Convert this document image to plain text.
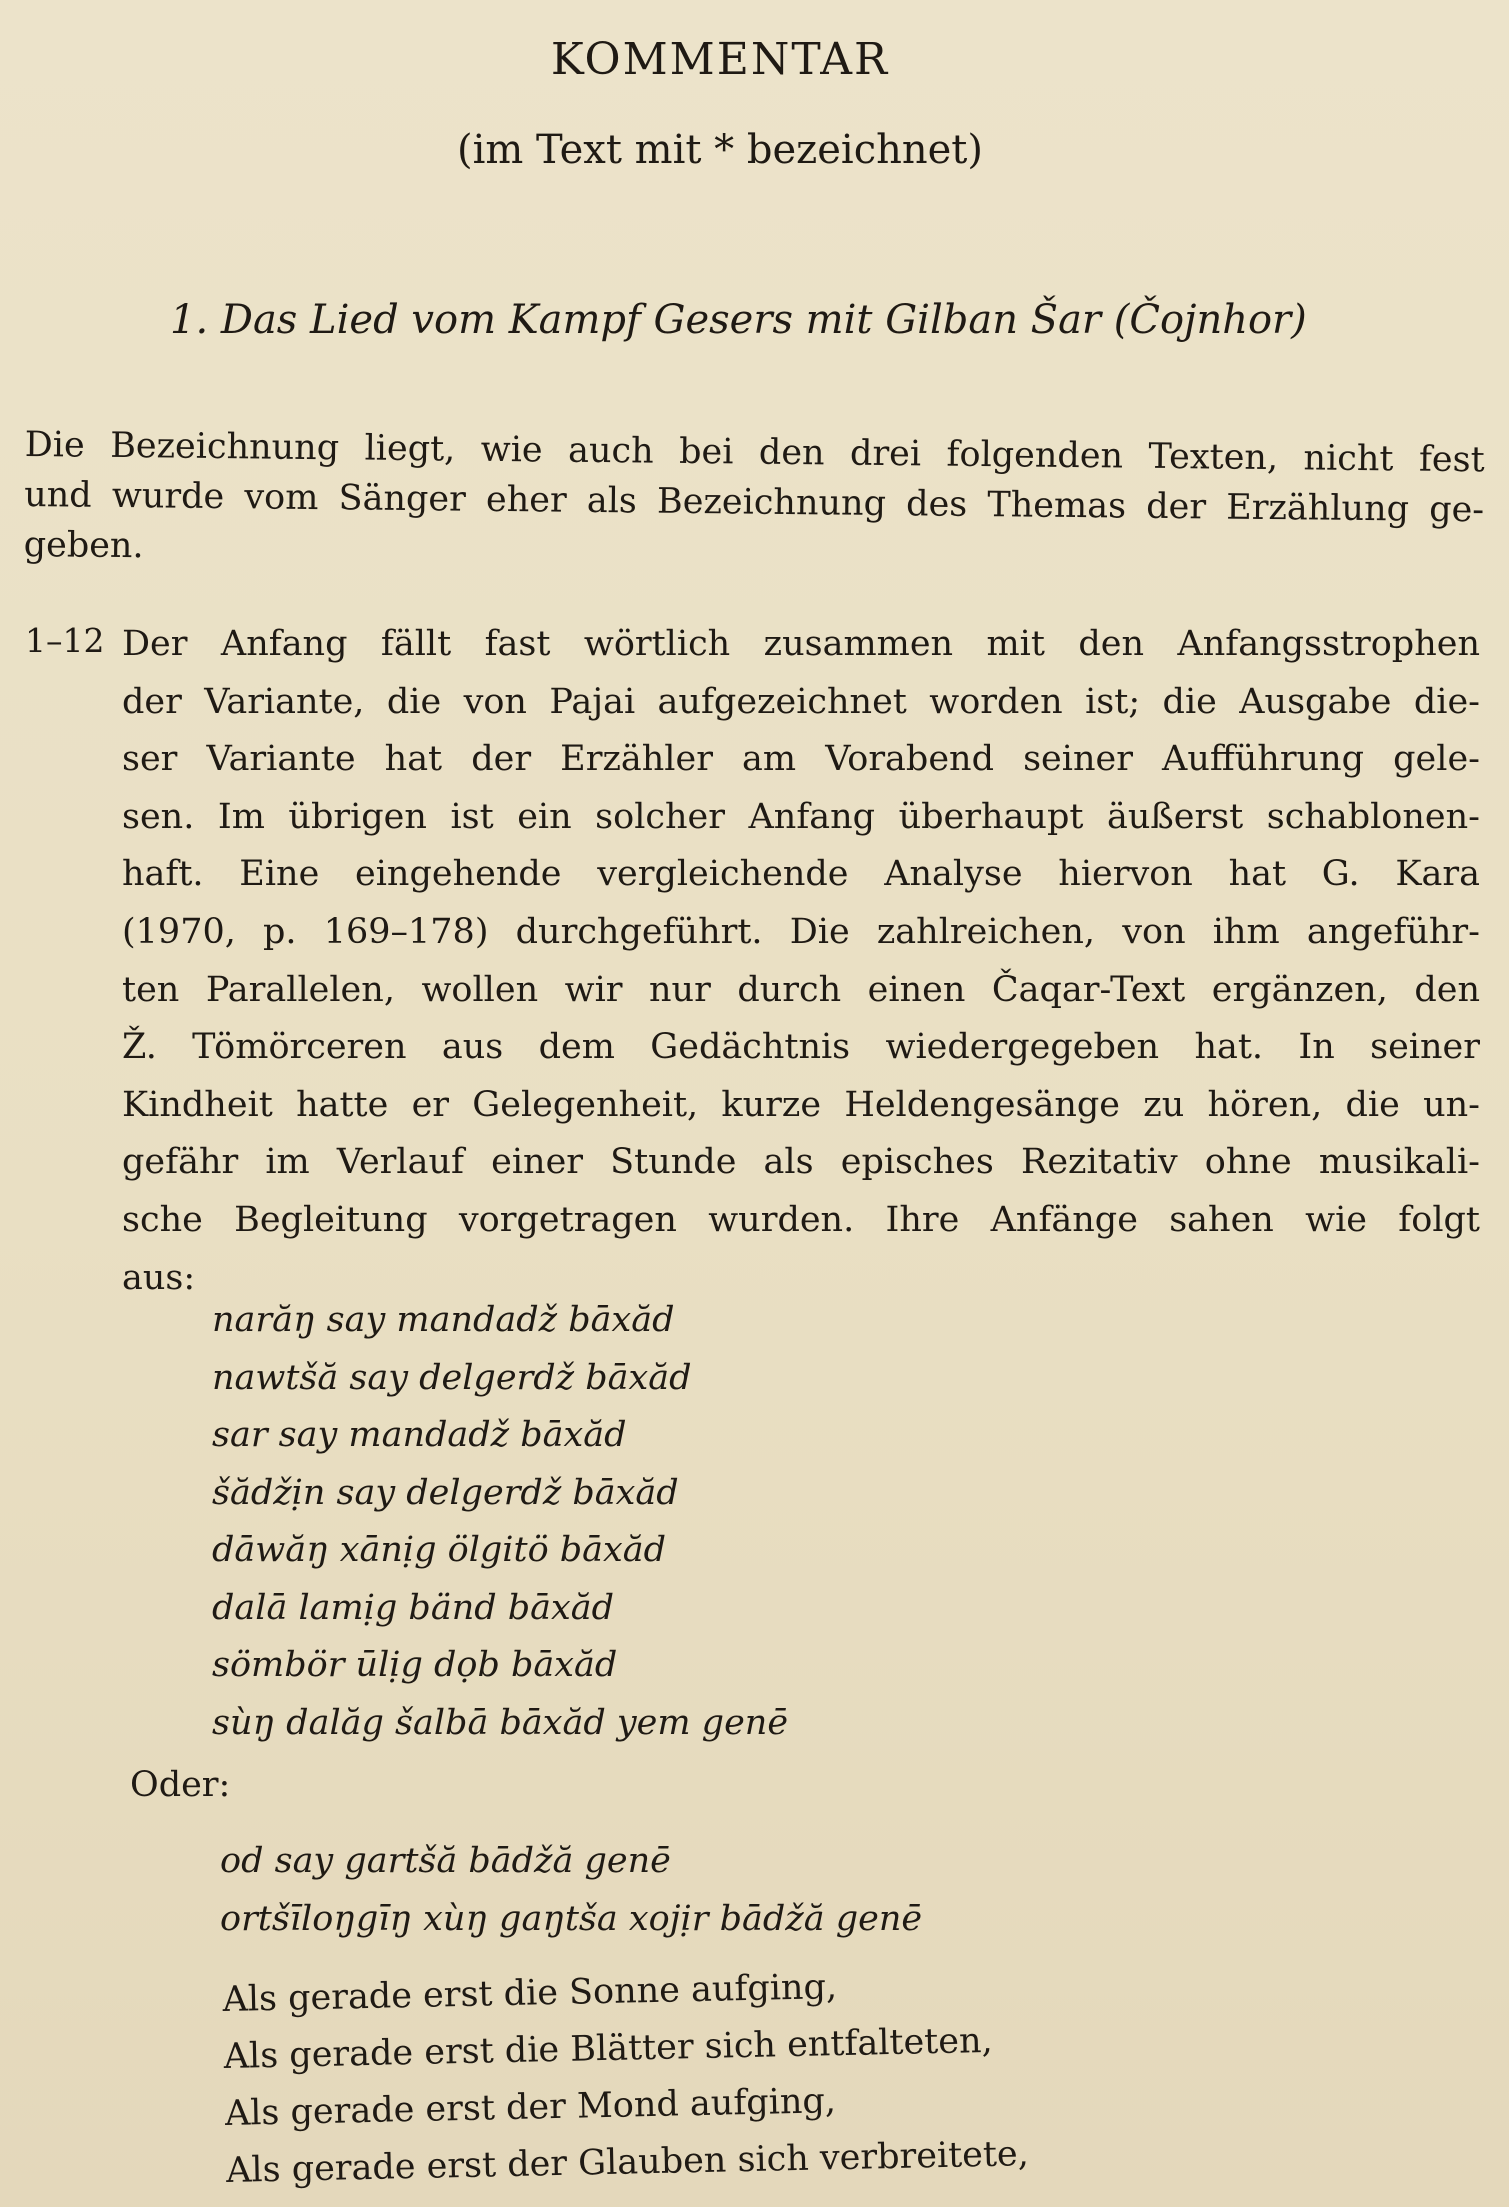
KOMMENTAR
(im Text mit * bezeichnet)
1. Das Lied vom Kampf Gesers mit Gilban Šar (Čojnhor)
Die Bezeichnung liegt, wie auch bei den drei folgenden Texten, nicht fest
und wurde vom Sänger eher als Bezeichnung des Themas der Erzählung ge-
geben.
1–12 Der Anfang fällt fast wörtlich zusammen mit den Anfangsstrophen
der Variante, die von Pajai aufgezeichnet worden ist; die Ausgabe die-
ser Variante hat der Erzähler am Vorabend seiner Aufführung gele-
sen. Im übrigen ist ein solcher Anfang überhaupt äußerst schablonen-
haft. Eine eingehende vergleichende Analyse hiervon hat G. Kara
(1970, p. 169–178) durchgeführt. Die zahlreichen, von ihm angeführ-
ten Parallelen, wollen wir nur durch einen Čaqar-Text ergänzen, den
Ž. Tömörceren aus dem Gedächtnis wiedergegeben hat. In seiner
Kindheit hatte er Gelegenheit, kurze Heldengesänge zu hören, die un-
gefähr im Verlauf einer Stunde als episches Rezitativ ohne musikali-
sche Begleitung vorgetragen wurden. Ihre Anfänge sahen wie folgt
aus:
narăŋ say mandadž bāxăd
nawtšă say delgerdž bāxăd
sar say mandadž bāxăd
šădžịn say delgerdž bāxăd
dāwăŋ xānịg ölgitö bāxăd
dalā lamịg bänd bāxăd
sömbör ūlịg dọb bāxăd
sùŋ dalăg šalbā bāxăd yem genē
Oder:
od say gartšă bādžă genē
ortšīloŋgīŋ xùŋ gaŋtša xojịr bādžă genē
Als gerade erst die Sonne aufging,
Als gerade erst die Blätter sich entfalteten,
Als gerade erst der Mond aufging,
Als gerade erst der Glauben sich verbreitete,
